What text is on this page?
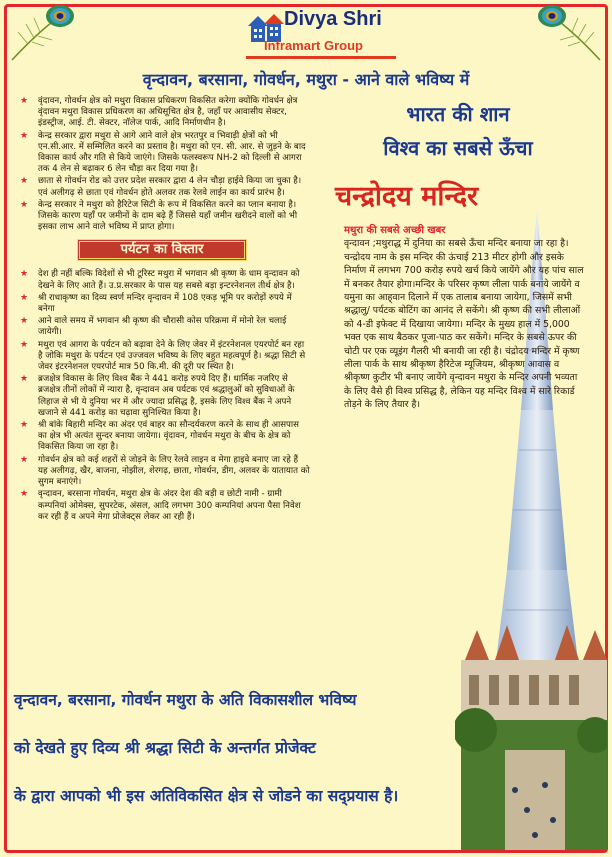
Divya Shri
Inframart Group
वृन्दावन, बरसाना, गोवर्धन, मथुरा - आने वाले भविष्य में
★ वृंदावन, गोवर्धन क्षेत्र को मथुरा विकास प्रधिकरण विकसित करेगा क्योंकि गोवर्धन क्षेत्र वृंदावन मथुरा विकास प्रधिकरण का अधिसूचित क्षेत्र है, जहाँ पर आवासीय सेक्टर, इंडस्ट्रीज, आई. टी. सेक्टर, नॉलेज पार्क, आदि निर्माणधीन है।
★ केन्द्र सरकार द्वारा मथुरा से आगे आने वाले क्षेत्र भरतपुर व भिवाड़ी क्षेत्रों को भी एन.सी.आर. में सम्मिलित करने का प्रस्ताव है। मथुरा को एन. सी. आर. से जुड़ने के बाद विकास कार्य और गति से किये जाएंगे। जिसके फलस्वरूप NH-2 को दिल्ली से आगरा तक 4 लेन से बढ़ाकर 6 लेन चौड़ा कर दिया गया है।
★ छाता से गोवर्धन रोड को उत्तर प्रदेश सरकार द्वारा 4 लेन चौड़ा हाईवे किया जा चुका है। एवं अलीगढ़ से छाता एवं गोवर्धन होते अलवर तक रेलवे लाईन का कार्य प्रारंभ है।
★ केन्द्र सरकार ने मथुरा को हैरिटेज सिटी के रूप में विकसित करने का प्लान बनाया है। जिसके कारण यहाँ पर जमीनों के दाम बढ़े हैं जिससे यहाँ जमीन खरीदने वालों को भी इसका लाभ आने वाले भविष्य में प्राप्त होगा।
पर्यटन का विस्तार
★ देश ही नहीं बल्कि विदेशों से भी टूरिस्ट मथुरा में भगवान श्री कृष्ण के धाम वृन्दावन को देखने के लिए आते हैं। उ.प्र.सरकार के पास यह सबसे बड़ा इन्टरनेशनल तीर्थ क्षेत्र है।
★ श्री राधाकृष्ण का दिव्य स्वर्ण मन्दिर वृन्दावन में 108 एकड़ भूमि पर करोड़ों रुपये में बनेगा
★ आने वाले समय में भगवान श्री कृष्ण की चौरासी कोस परिक्रमा में मोनो रेल चलाई जायेगी।
★ मथुरा एवं आगरा के पर्यटन को बढ़ावा देने के लिए जेवर में इंटरनेशनल एयरपोर्ट बन रहा है जोकि मथुरा के पर्यटन एवं उज्जवल भविष्य के लिए बहुत महत्वपूर्ण है। श्रद्धा सिटी से जेवर इंटरनेशनल एयरपोर्ट मात्र 50 कि.मी. की दूरी पर स्थित है।
★ ब्रजक्षेत्र विकास के लिए विश्व बैंक ने 441 करोड़ रुपये दिए हैं। धार्मिक नजरिए से ब्रजक्षेत्र तीनों लोकों में न्यारा है, वृन्दावन अब पर्यटक एवं श्रद्धालुओं को सुविधाओं के लिहाज से भी ये दुनिया भर में और ज्यादा प्रसिद्ध है, इसके लिए विश्व बैंक ने अपने खजाने से 441 करोड़ का चढ़ावा सुनिश्चित किया है।
★ श्री बांके बिहारी मन्दिर का अंदर एवं बाहर का सौन्दर्यकरण करने के साथ ही आसपास का क्षेत्र भी अत्यंत सुन्दर बनाया जायेगा। वृंदावन, गोवर्धन मथुरा के बीच के क्षेत्र को विकसित किया जा रहा है।
★ गोवर्धन क्षेत्र को कई शहरों से जोड़ने के लिए रेलवे लाइन व मेगा हाइवे बनाए जा रहे हैं यह अलीगढ़, खैर, बाजना, नोझील, शेरगढ़, छाता, गोवर्धन, डीग, अलवर के यातायात को सुगम बनाएंगे।
★ वृन्दावन, बरसाना गोवर्धन, मथुरा क्षेत्र के अंदर देश की बड़ी व छोटी नामी - ग्रामी कम्पनियां ओमेक्स, सुपरटेक, अंसल, आदि लगभग 300 कम्पनियां अपना पैसा निवेश कर रही हैं व अपने मेगा प्रोजेक्ट्स लेकर आ रही हैं।
भारत की शान
विश्व का सबसे ऊँचा
चन्द्रोदय मन्दिर
मथुरा की सबसे अच्छी खबर
वृन्दावन ;मथुराद्ध में दुनिया का सबसे ऊँचा मन्दिर बनाया जा रहा है। चन्द्रोदय नाम के इस मन्दिर की ऊंचाई 213 मीटर होगी और इसके निर्माण में लगभग 700 करोड़ रुपये खर्च किये जायेंगे और यह पांच साल में बनकर तैयार होगा।मन्दिर के परिसर कृष्ण लीला पार्क बनाये जायेंगे व यमुना का आह्‌वान दिलाने में एक तालाब बनाया जायेगा, जिसमें सभी श्रद्धालु/ पर्यटक बोटिंग का आनंद ले सकेंगे। श्री कृष्ण की सभी लीलाओं को 4-डी इफेक्ट में दिखाया जायेगा। मन्दिर के मुख्य हाल में 5,000 भक्त एक साथ बैठकर पूजा-पाठ कर सकेंगे। मन्दिर के सबसे ऊपर की चोटी पर एक व्यूइंग गैलरी भी बनायी जा रही है। चंद्रोदय मन्दिर में कृष्ण लीला पार्क के साथ श्रीकृष्ण हैरिटेज म्यूजियम, श्रीकृष्ण आवास व श्रीकृष्ण कुटीर भी बनाए जायेंगे वृन्दावन मथुरा के मन्दिर अपनी भव्यता के लिए वैसे ही विश्व प्रसिद्ध है, लेकिन यह मन्दिर विश्व में सारे रिकार्ड तोड़ने के लिए तैयार है।
वृन्दावन, बरसाना, गोवर्धन मथुरा के अति विकासशील भविष्य
को देखते हुए दिव्य श्री श्रद्धा सिटी के अन्तर्गत प्रोजेक्ट
के द्वारा आपको भी इस अतिविकसित क्षेत्र से जोडने का सद्प्रयास है।
